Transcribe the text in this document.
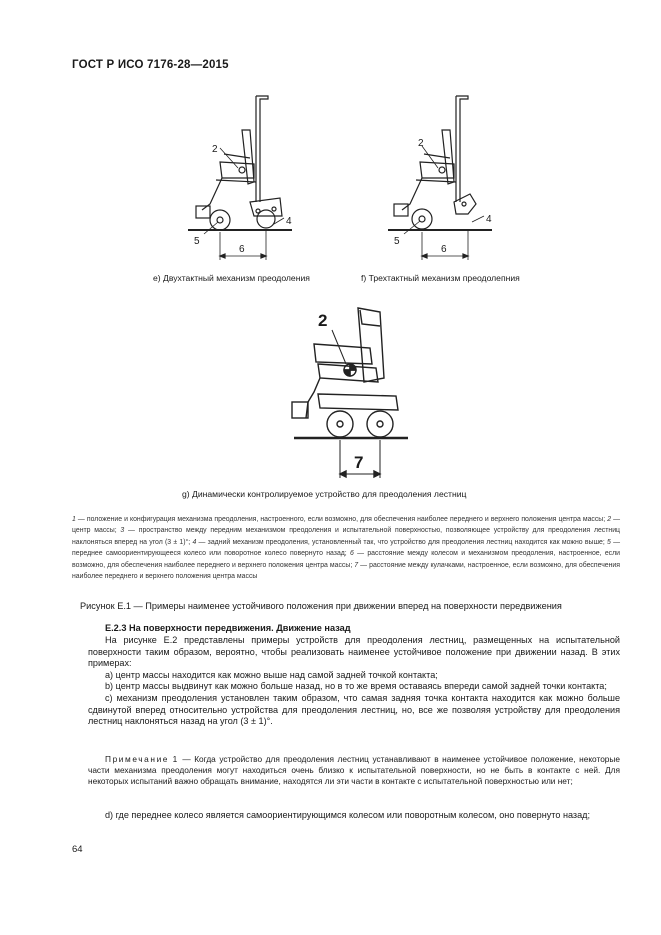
ГОСТ Р ИСО 7176-28—2015
2
4
5
6
2
4
5
6
e) Двухтактный механизм преодоления	f) Трехтактный механизм преодолепния
2
7
g) Динамически контролируемое устройство для преодоления лестниц
1 — положение и конфигурация механизма преодоления, настроенного, если возможно, для обеспечения наиболее переднего и верхнего положения центра массы; 2 — центр массы; 3 — пространство между передним механизмом преодоления и испытательной поверхностью, позволяющее устройству для преодоления лестниц наклоняться вперед на угол (3 ± 1)°; 4 — задний механизм преодоления, установленный так, что устройство для преодоления лестниц находится как можно выше; 5 — переднее самоориентирующееся колесо или поворотное колесо повернуто назад; 6 — расстояние между колесом и механизмом преодоления, настроенное, если возможно, для обеспечения наиболее переднего и верхнего положения центра массы; 7 — расстояние между кулачками, настроенное, если возможно, для обеспечения наиболее переднего и верхнего положения центра массы
Рисунок Е.1 — Примеры наименее устойчивого положения при движении вперед на поверхности передвижения
Е.2.3 На поверхности передвижения. Движение назад

На рисунке Е.2 представлены примеры устройств для преодоления лестниц, размещенных на испытательной поверхности таким образом, вероятно, чтобы реализовать наименее устойчивое положение при движении назад. В этих примерах:

а) центр массы находится как можно выше над самой задней точкой контакта;

b) центр массы выдвинут как можно больше назад, но в то же время оставаясь впереди самой задней точки контакта;

с) механизм преодоления установлен таким образом, что самая задняя точка контакта находится как можно больше сдвинутой вперед относительно устройства для преодоления лестниц, но, все же позволяя устройству для преодоления лестниц наклоняться назад на угол (3 ± 1)°.

Примечание 1 — Когда устройство для преодоления лестниц устанавливают в наименее устойчивое положение, некоторые части механизма преодоления могут находиться очень близко к испытательной поверхности, но не быть в контакте с ней. Для некоторых испытаний важно обращать внимание, находятся ли эти части в контакте с испытательной поверхностью или нет;

d) где переднее колесо является самоориентирующимся колесом или поворотным колесом, оно повернуто назад;

64
